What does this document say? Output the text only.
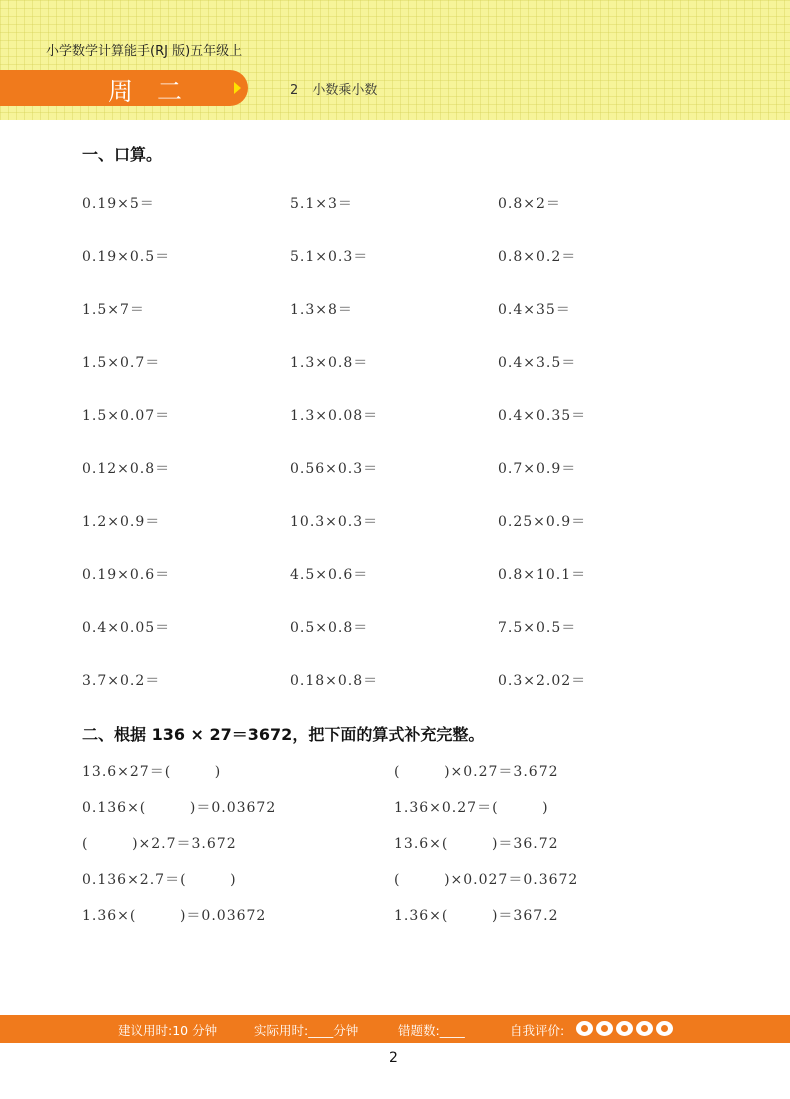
小学数学计算能手(RJ 版)五年级上
周二	2 小数乘小数
一、口算。
0.19×5＝	5.1×3＝	0.8×2＝
0.19×0.5＝	5.1×0.3＝	0.8×0.2＝
1.5×7＝	1.3×8＝	0.4×35＝
1.5×0.7＝	1.3×0.8＝	0.4×3.5＝
1.5×0.07＝	1.3×0.08＝	0.4×0.35＝
0.12×0.8＝	0.56×0.3＝	0.7×0.9＝
1.2×0.9＝	10.3×0.3＝	0.25×0.9＝
0.19×0.6＝	4.5×0.6＝	0.8×10.1＝
0.4×0.05＝	0.5×0.8＝	7.5×0.5＝
3.7×0.2＝	0.18×0.8＝	0.3×2.02＝
二、根据 136 × 27＝3672，把下面的算式补充完整。
13.6×27＝(        )	(        )×0.27＝3.672
0.136×(        )＝0.03672	1.36×0.27＝(        )
(        )×2.7＝3.672	13.6×(        )＝36.72
0.136×2.7＝(        )	(        )×0.027＝0.3672
1.36×(        )＝0.03672	1.36×(        )＝367.2
建议用时:10 分钟	实际用时:____分钟	错题数:____	自我评价:
2
